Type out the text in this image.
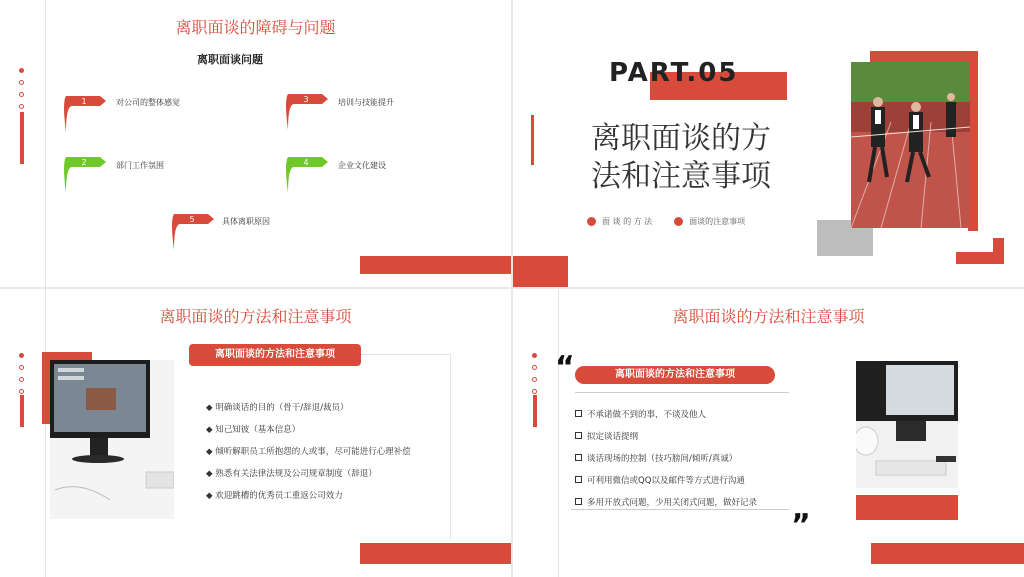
离职面谈的障碍与问题
离职面谈问题
1	对公司的整体感觉
2	部门工作氛围
3	培训与技能提升
4	企业文化建设
5	具体离职原因
PART.05
离职面谈的方
法和注意事项
面 谈 的 方 法	面谈的注意事项
离职面谈的方法和注意事项
离职面谈的方法和注意事项
◆ 明确谈话的目的（骨干/辞退/裁员）
◆ 知己知彼（基本信息）
◆ 倾听解职员工所抱怨的人或事，尽可能进行心理补偿
◆ 熟悉有关法律法规及公司规章制度（辞退）
◆ 欢迎跳槽的优秀员工重返公司效力
离职面谈的方法和注意事项
“	离职面谈的方法和注意事项
不承诺做不到的事，不谈及他人
拟定谈话提纲
谈话现场的控制（技巧膀间/倾听/真诚）
可利用微信或QQ以及邮件等方式进行沟通
多用开放式问题，少用关闭式问题，做好记录
”
